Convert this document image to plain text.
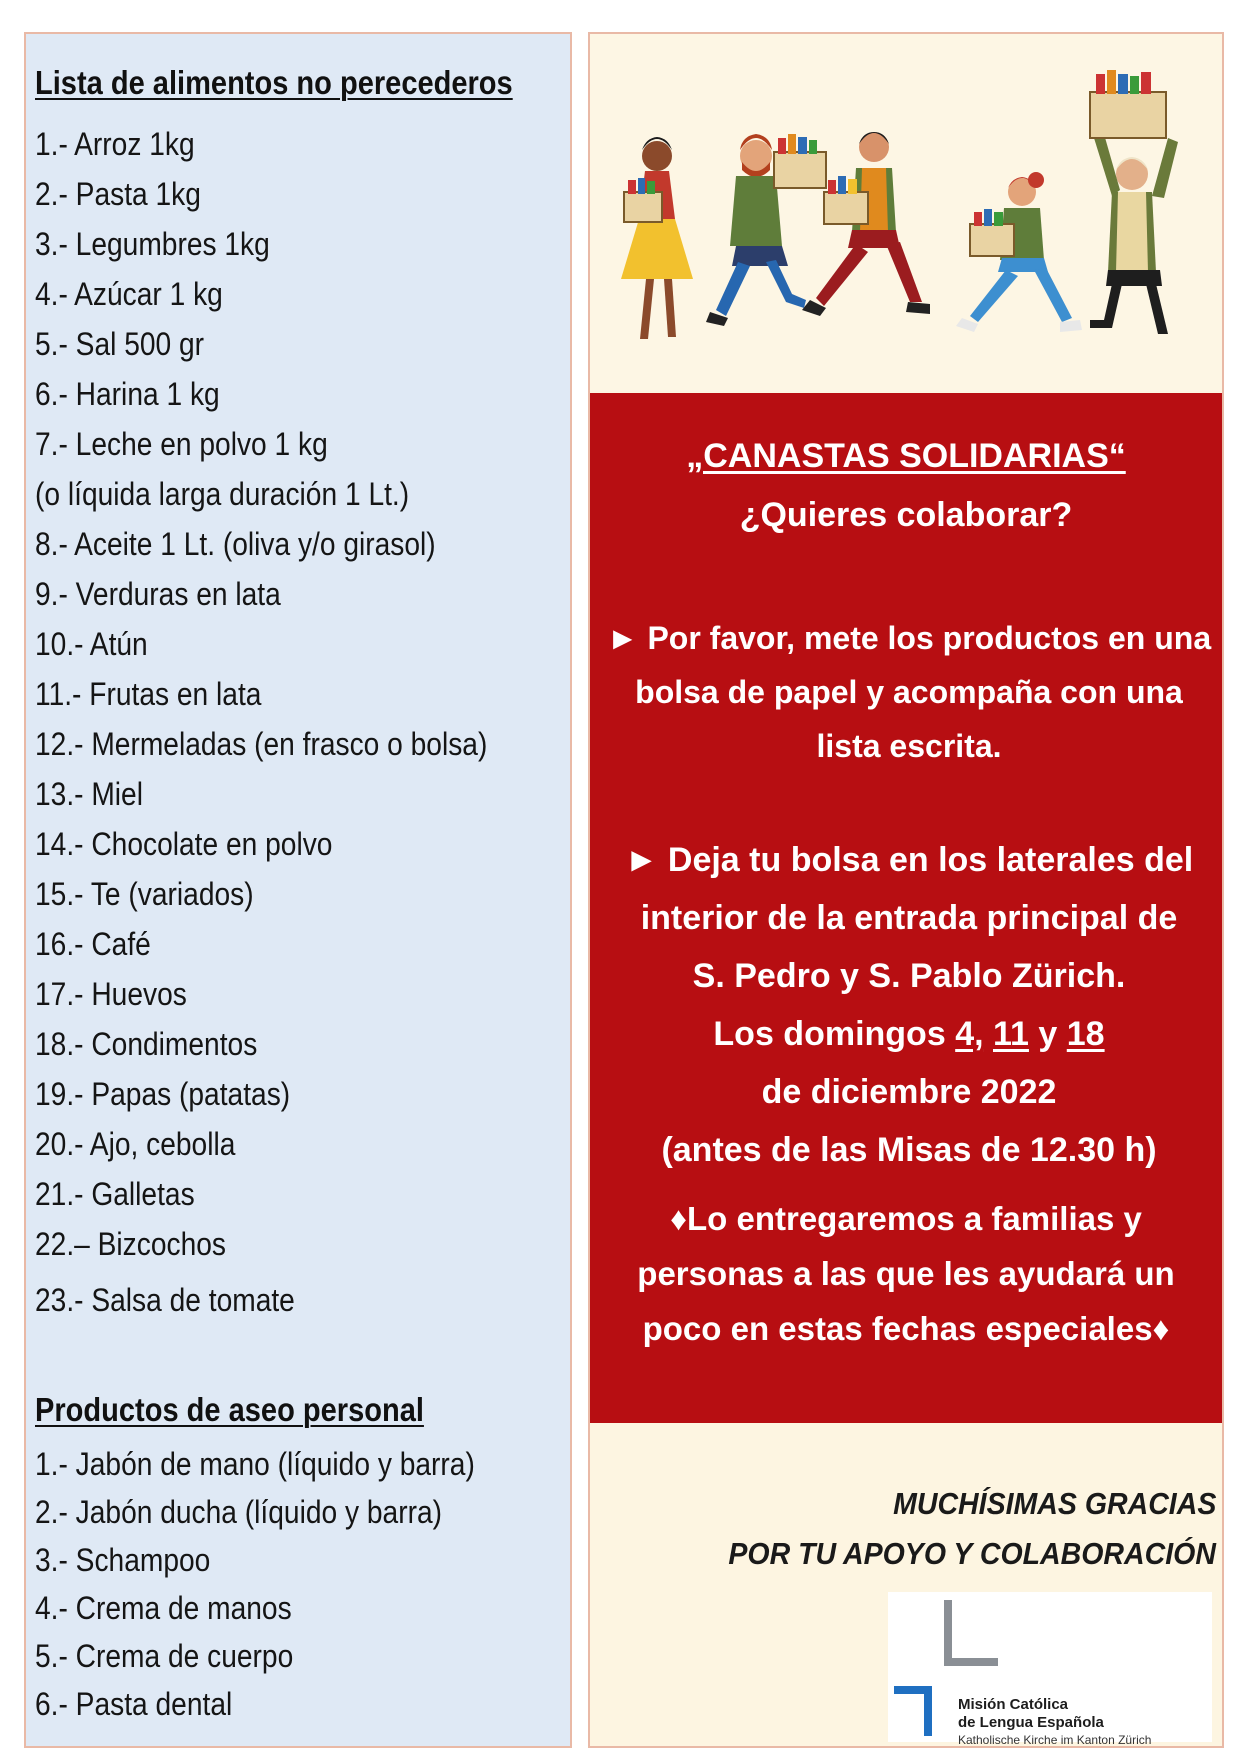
Lista de alimentos no perecederos
1.- Arroz 1kg
2.- Pasta 1kg
3.- Legumbres 1kg
4.- Azúcar 1 kg
5.- Sal 500 gr
6.- Harina 1 kg
7.- Leche en polvo 1 kg
(o líquida larga duración 1 Lt.)
8.- Aceite 1 Lt. (oliva y/o girasol)
9.- Verduras en lata
10.- Atún
11.- Frutas en lata
12.- Mermeladas (en frasco o bolsa)
13.- Miel
14.- Chocolate en polvo
15.- Te (variados)
16.- Café
17.- Huevos
18.- Condimentos
19.- Papas (patatas)
20.- Ajo, cebolla
21.- Galletas
22.– Bizcochos
23.- Salsa de tomate
Productos de aseo personal
1.- Jabón de mano (líquido y barra)
2.- Jabón ducha (líquido y barra)
3.- Schampoo
4.- Crema de manos
5.- Crema de cuerpo
6.- Pasta dental

„CANASTAS SOLIDARIAS“

¿Quieres colaborar?

► Por favor, mete los productos en una
bolsa de papel y acompaña con una
lista escrita.

► Deja tu bolsa en los laterales del
interior de la entrada principal de
S. Pedro y S. Pablo Zürich.
Los domingos 4, 11 y 18
de diciembre 2022
(antes de las Misas de 12.30 h)

♦Lo entregaremos a familias y
personas a las que les ayudará un
poco en estas fechas especiales♦

MUCHÍSIMAS GRACIAS

POR TU APOYO Y COLABORACIÓN

Misión Católica
de Lengua Española
Katholische Kirche im Kanton Zürich
